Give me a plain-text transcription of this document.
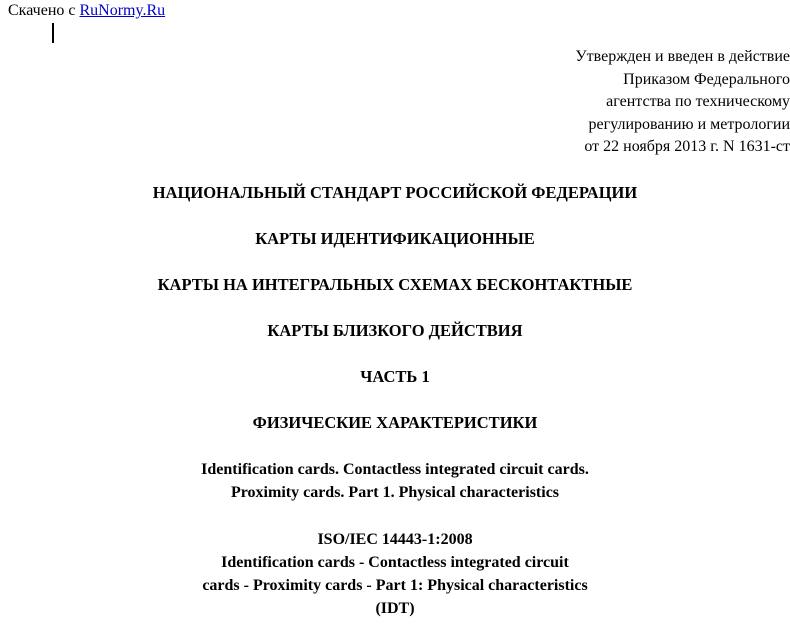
Скачено с RuNormy.Ru
Утвержден и введен в действие
Приказом Федерального
агентства по техническому
регулированию и метрологии
от 22 ноября 2013 г. N 1631-ст
НАЦИОНАЛЬНЫЙ СТАНДАРТ РОССИЙСКОЙ ФЕДЕРАЦИИ
КАРТЫ ИДЕНТИФИКАЦИОННЫЕ
КАРТЫ НА ИНТЕГРАЛЬНЫХ СХЕМАХ БЕСКОНТАКТНЫЕ
КАРТЫ БЛИЗКОГО ДЕЙСТВИЯ
ЧАСТЬ 1
ФИЗИЧЕСКИЕ ХАРАКТЕРИСТИКИ
Identification cards. Contactless integrated circuit cards.
Proximity cards. Part 1. Physical characteristics
ISO/IEC 14443-1:2008
Identification cards - Contactless integrated circuit
cards - Proximity cards - Part 1: Physical characteristics
(IDT)
